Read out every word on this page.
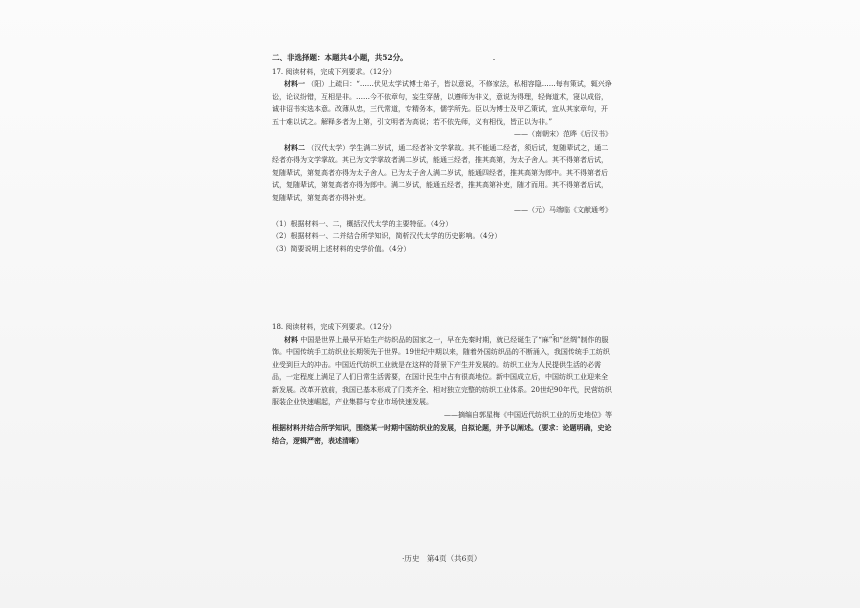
二、非选择题：本题共4小题，共52分。

17. 阅读材料，完成下列要求。（12分）

材料一 （阳）上疏曰：“……伏见太学试博士弟子，皆以意说，不修家法，私相容隐……每有策试，辄兴诤讼，论议纷错，互相是非。……今不依章句，妄生穿凿，以遵师为非义，意说为得理，轻侮道术，寖以成俗，诚非诏书实选本意。改薄从忠，三代常道，专精务本，儒学所先。臣以为博士及甲乙策试，宜从其家章句，开五十难以试之。解释多者为上第，引文明者为高说；若不依先师，义有相伐，皆正以为非。”

——（南朝宋）范晔《后汉书》

材料二 （汉代太学）学生满二岁试，通二经者补文学掌故。其不能通二经者，须后试，复随辈试之，通二经者亦得为文学掌故。其已为文学掌故者满二岁试，能通三经者，推其高第，为太子舍人。其不得第者后试，复随辈试，第复高者亦得为太子舍人。已为太子舍人满二岁试，能通四经者，推其高第为郎中。其不得第者后试，复随辈试，第复高者亦得为郎中。满二岁试，能通五经者，推其高第补吏，随才而用。其不得第者后试，复随辈试，第复高者亦得补吏。

——（元）马端临《文献通考》

（1）根据材料一、二，概括汉代太学的主要特征。（4分）

（2）根据材料一、二并结合所学知识，简析汉代太学的历史影响。（4分）

（3）简要说明上述材料的史学价值。（4分）

18. 阅读材料，完成下列要求。（12分）

材料 中国是世界上最早开始生产纺织品的国家之一，早在先秦时期，就已经诞生了“麻”和“丝绸”制作的服饰。中国传统手工纺织业长期领先于世界。19世纪中期以来，随着外国纺织品的不断涌入，我国传统手工纺织业受到巨大的冲击。中国近代纺织工业就是在这样的背景下产生并发展的。纺织工业为人民提供生活的必需品，一定程度上满足了人们日常生活需要，在国计民生中占有很高地位。新中国成立后，中国纺织工业迎来全新发展。改革开放前，我国已基本形成了门类齐全、相对独立完整的纺织工业体系。20世纪90年代，民营纺织服装企业快速崛起，产业集群与专业市场快速发展。

——摘编自郭星梅《中国近代纺织工业的历史地位》等

根据材料并结合所学知识，围绕某一时期中国纺织业的发展，自拟论题，并予以阐述。（要求：论题明确，史论结合，逻辑严密，表述清晰）

·历史　第4页（共6页）
